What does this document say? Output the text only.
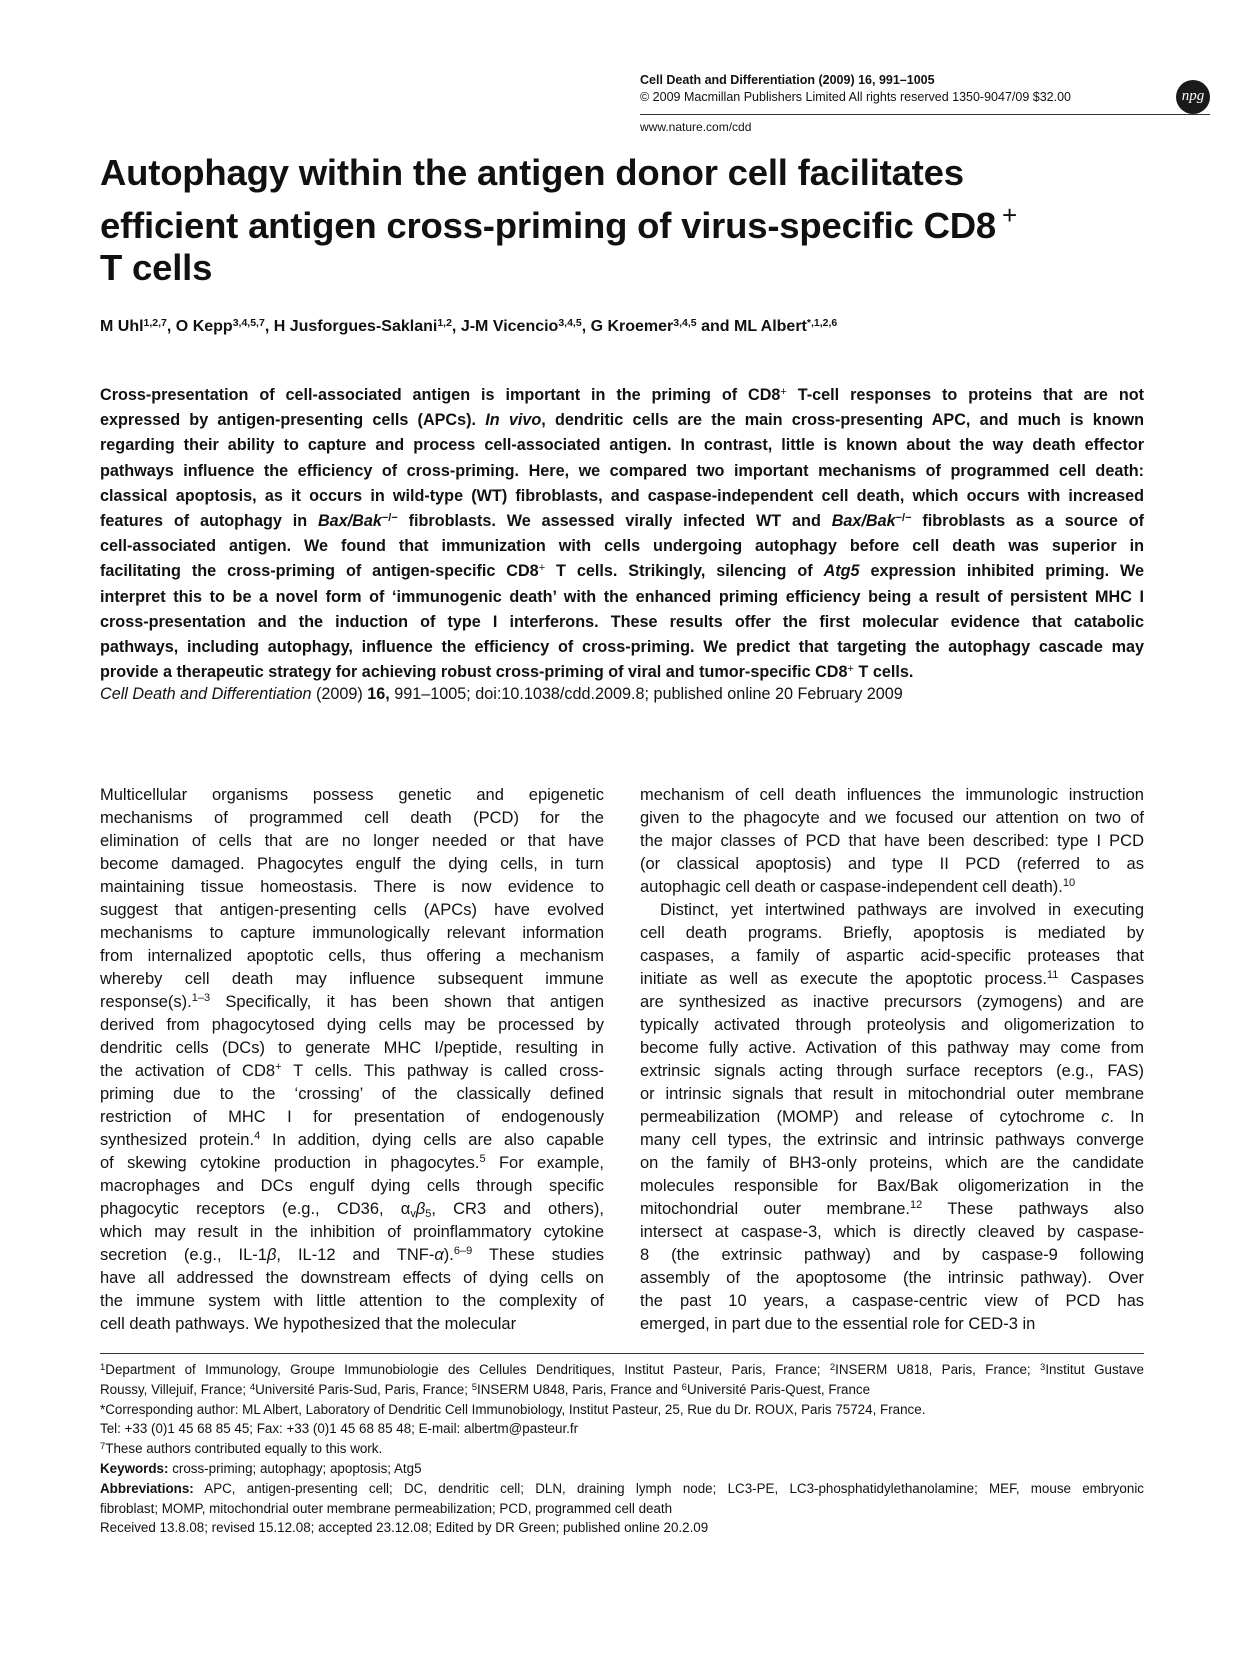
Cell Death and Differentiation (2009) 16, 991–1005
© 2009 Macmillan Publishers Limited All rights reserved 1350-9047/09 $32.00
www.nature.com/cdd
npg
Autophagy within the antigen donor cell facilitates
efficient antigen cross-priming of virus-specific CD8 +
T cells
M Uhl$^{1,2,7}$, O Kepp$^{3,4,5,7}$, H Jusforgues-Saklani$^{1,2}$, J-M Vicencio$^{3,4,5}$, G Kroemer$^{3,4,5}$ and ML Albert$^{*,1,2,6}$
Cross-presentation of cell-associated antigen is important in the priming of CD8+ T-cell responses to proteins that are not
expressed by antigen-presenting cells (APCs). In vivo, dendritic cells are the main cross-presenting APC, and much is known
regarding their ability to capture and process cell-associated antigen. In contrast, little is known about the way death effector
pathways influence the efficiency of cross-priming. Here, we compared two important mechanisms of programmed cell death:
classical apoptosis, as it occurs in wild-type (WT) fibroblasts, and caspase-independent cell death, which occurs with increased
features of autophagy in Bax/Bak−/− fibroblasts. We assessed virally infected WT and Bax/Bak−/− fibroblasts as a source of
cell-associated antigen. We found that immunization with cells undergoing autophagy before cell death was superior in
facilitating the cross-priming of antigen-specific CD8+ T cells. Strikingly, silencing of Atg5 expression inhibited priming. We
interpret this to be a novel form of ‘immunogenic death’ with the enhanced priming efficiency being a result of persistent MHC I
cross-presentation and the induction of type I interferons. These results offer the first molecular evidence that catabolic
pathways, including autophagy, influence the efficiency of cross-priming. We predict that targeting the autophagy cascade may
provide a therapeutic strategy for achieving robust cross-priming of viral and tumor-specific CD8+ T cells.
Cell Death and Differentiation (2009) 16, 991–1005; doi:10.1038/cdd.2009.8; published online 20 February 2009
Multicellular organisms possess genetic and epigenetic
mechanisms of programmed cell death (PCD) for the
elimination of cells that are no longer needed or that have
become damaged. Phagocytes engulf the dying cells, in turn
maintaining tissue homeostasis. There is now evidence to
suggest that antigen-presenting cells (APCs) have evolved
mechanisms to capture immunologically relevant information
from internalized apoptotic cells, thus offering a mechanism
whereby cell death may influence subsequent immune
response(s).$^{1-3}$ Specifically, it has been shown that antigen
derived from phagocytosed dying cells may be processed by
dendritic cells (DCs) to generate MHC I/peptide, resulting in
the activation of CD8+ T cells. This pathway is called cross-
priming due to the ‘crossing’ of the classically defined
restriction of MHC I for presentation of endogenously
synthesized protein.$^4$ In addition, dying cells are also capable
of skewing cytokine production in phagocytes.$^5$ For example,
macrophages and DCs engulf dying cells through specific
phagocytic receptors (e.g., CD36, $\alpha_v\beta_5$, CR3 and others),
which may result in the inhibition of proinflammatory cytokine
secretion (e.g., IL-1β, IL-12 and TNF-α).$^{6-9}$ These studies
have all addressed the downstream effects of dying cells on
the immune system with little attention to the complexity of
cell death pathways. We hypothesized that the molecular
mechanism of cell death influences the immunologic instruction
given to the phagocyte and we focused our attention on two of
the major classes of PCD that have been described: type I PCD
(or classical apoptosis) and type II PCD (referred to as
autophagic cell death or caspase-independent cell death).$^{10}$
Distinct, yet intertwined pathways are involved in executing
cell death programs. Briefly, apoptosis is mediated by
caspases, a family of aspartic acid-specific proteases that
initiate as well as execute the apoptotic process.$^{11}$ Caspases
are synthesized as inactive precursors (zymogens) and are
typically activated through proteolysis and oligomerization to
become fully active. Activation of this pathway may come from
extrinsic signals acting through surface receptors (e.g., FAS)
or intrinsic signals that result in mitochondrial outer membrane
permeabilization (MOMP) and release of cytochrome c. In
many cell types, the extrinsic and intrinsic pathways converge
on the family of BH3-only proteins, which are the candidate
molecules responsible for Bax/Bak oligomerization in the
mitochondrial outer membrane.$^{12}$ These pathways also
intersect at caspase-3, which is directly cleaved by caspase-
8 (the extrinsic pathway) and by caspase-9 following
assembly of the apoptosome (the intrinsic pathway). Over
the past 10 years, a caspase-centric view of PCD has
emerged, in part due to the essential role for CED-3 in
$^1$Department of Immunology, Groupe Immunobiologie des Cellules Dendritiques, Institut Pasteur, Paris, France; $^2$INSERM U818, Paris, France; $^3$Institut Gustave
Roussy, Villejuif, France; $^4$Université Paris-Sud, Paris, France; $^5$INSERM U848, Paris, France and $^6$Université Paris-Quest, France
*Corresponding author: ML Albert, Laboratory of Dendritic Cell Immunobiology, Institut Pasteur, 25, Rue du Dr. ROUX, Paris 75724, France.
Tel: +33 (0)1 45 68 85 45; Fax: +33 (0)1 45 68 85 48; E-mail: albertm@pasteur.fr
$^7$These authors contributed equally to this work.
Keywords: cross-priming; autophagy; apoptosis; Atg5
Abbreviations: APC, antigen-presenting cell; DC, dendritic cell; DLN, draining lymph node; LC3-PE, LC3-phosphatidylethanolamine; MEF, mouse embryonic
fibroblast; MOMP, mitochondrial outer membrane permeabilization; PCD, programmed cell death
Received 13.8.08; revised 15.12.08; accepted 23.12.08; Edited by DR Green; published online 20.2.09
